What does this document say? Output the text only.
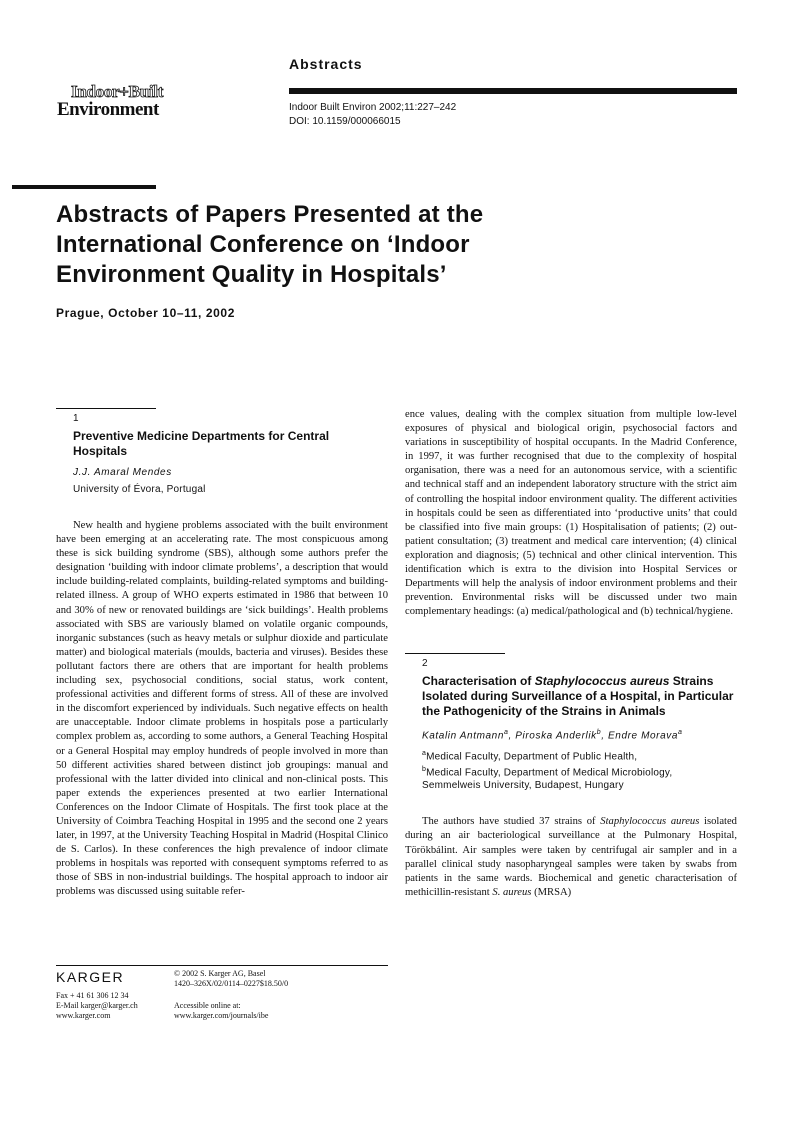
Abstracts
Indoor+Built
Environment	Indoor Built Environ 2002;11:227–242
DOI: 10.1159/000066015
Abstracts of Papers Presented at the
International Conference on ‘Indoor
Environment Quality in Hospitals’
Prague, October 10–11, 2002
1
Preventive Medicine Departments for Central Hospitals
J.J. Amaral Mendes
University of Évora, Portugal

New health and hygiene problems associated with the built environment have been emerging at an accelerating rate. The most conspicuous among these is sick building syndrome (SBS), although some authors prefer the designation ‘building with indoor climate problems’, a description that would include building-related complaints, building-related symptoms and building-related illness. A group of WHO experts estimated in 1986 that between 10 and 30% of new or renovated buildings are ‘sick buildings’. Health problems associated with SBS are variously blamed on volatile organic compounds, inorganic substances (such as heavy metals or sulphur dioxide and particulate matter) and biological materials (moulds, bacteria and viruses). Besides these pollutant factors there are others that are important for health problems including sex, psychosocial conditions, social status, work content, professional activities and different forms of stress. All of these are involved in the discomfort experienced by individuals. Such negative effects on health are unacceptable. Indoor climate problems in hospitals pose a particularly complex problem as, according to some authors, a General Teaching Hospital or a General Hospital may employ hundreds of people involved in more than 50 different activities shared between distinct job groupings: manual and professional with the latter divided into clinical and non-clinical posts. This paper extends the experiences presented at two earlier International Conferences on the Indoor Climate of Hospitals. The first took place at the University of Coimbra Teaching Hospital in 1995 and the second one 2 years later, in 1997, at the University Teaching Hospital in Madrid (Hospital Clinico de S. Carlos). In these conferences the high prevalence of indoor climate problems in hospitals was reported with consequent symptoms referred to as those of SBS in non-industrial buildings. The hospital approach to indoor air problems was discussed using suitable refer-

ence values, dealing with the complex situation from multiple low-level exposures of physical and biological origin, psychosocial factors and variations in susceptibility of hospital occupants. In the Madrid Conference, in 1997, it was further recognised that due to the complexity of hospital organisation, there was a need for an autonomous service, with a scientific and technical staff and an independent laboratory structure with the strict aim of controlling the hospital indoor environment quality. The different activities in hospitals could be seen as differentiated into ‘productive units’ that could be classified into five main groups: (1) Hospitalisation of patients; (2) out-patient consultation; (3) treatment and medical care intervention; (4) clinical exploration and diagnosis; (5) technical and other clinical intervention. This identification which is extra to the division into Hospital Services or Departments will help the analysis of indoor environment problems and their prevention. Environmental risks will be discussed under two main complementary headings: (a) medical/pathological and (b) technical/hygiene.

2
Characterisation of Staphylococcus aureus Strains Isolated during Surveillance of a Hospital, in Particular the Pathogenicity of the Strains in Animals
Katalin Antmann$^a$, Piroska Anderlik$^b$, Endre Morava$^a$
$^a$Medical Faculty, Department of Public Health,
$^b$Medical Faculty, Department of Medical Microbiology,
Semmelweis University, Budapest, Hungary

The authors have studied 37 strains of Staphylococcus aureus isolated during an air bacteriological surveillance at the Pulmonary Hospital, Törökbálint. Air samples were taken by centrifugal air sampler and in a parallel clinical study nasopharyngeal samples were taken by swabs from patients in the same wards. Biochemical and genetic characterisation of methicillin-resistant S. aureus (MRSA)

KARGER
Fax + 41 61 306 12 34
E-Mail karger@karger.ch
www.karger.com
© 2002 S. Karger AG, Basel
1420–326X/02/0114–0227$18.50/0
Accessible online at:
www.karger.com/journals/ibe
